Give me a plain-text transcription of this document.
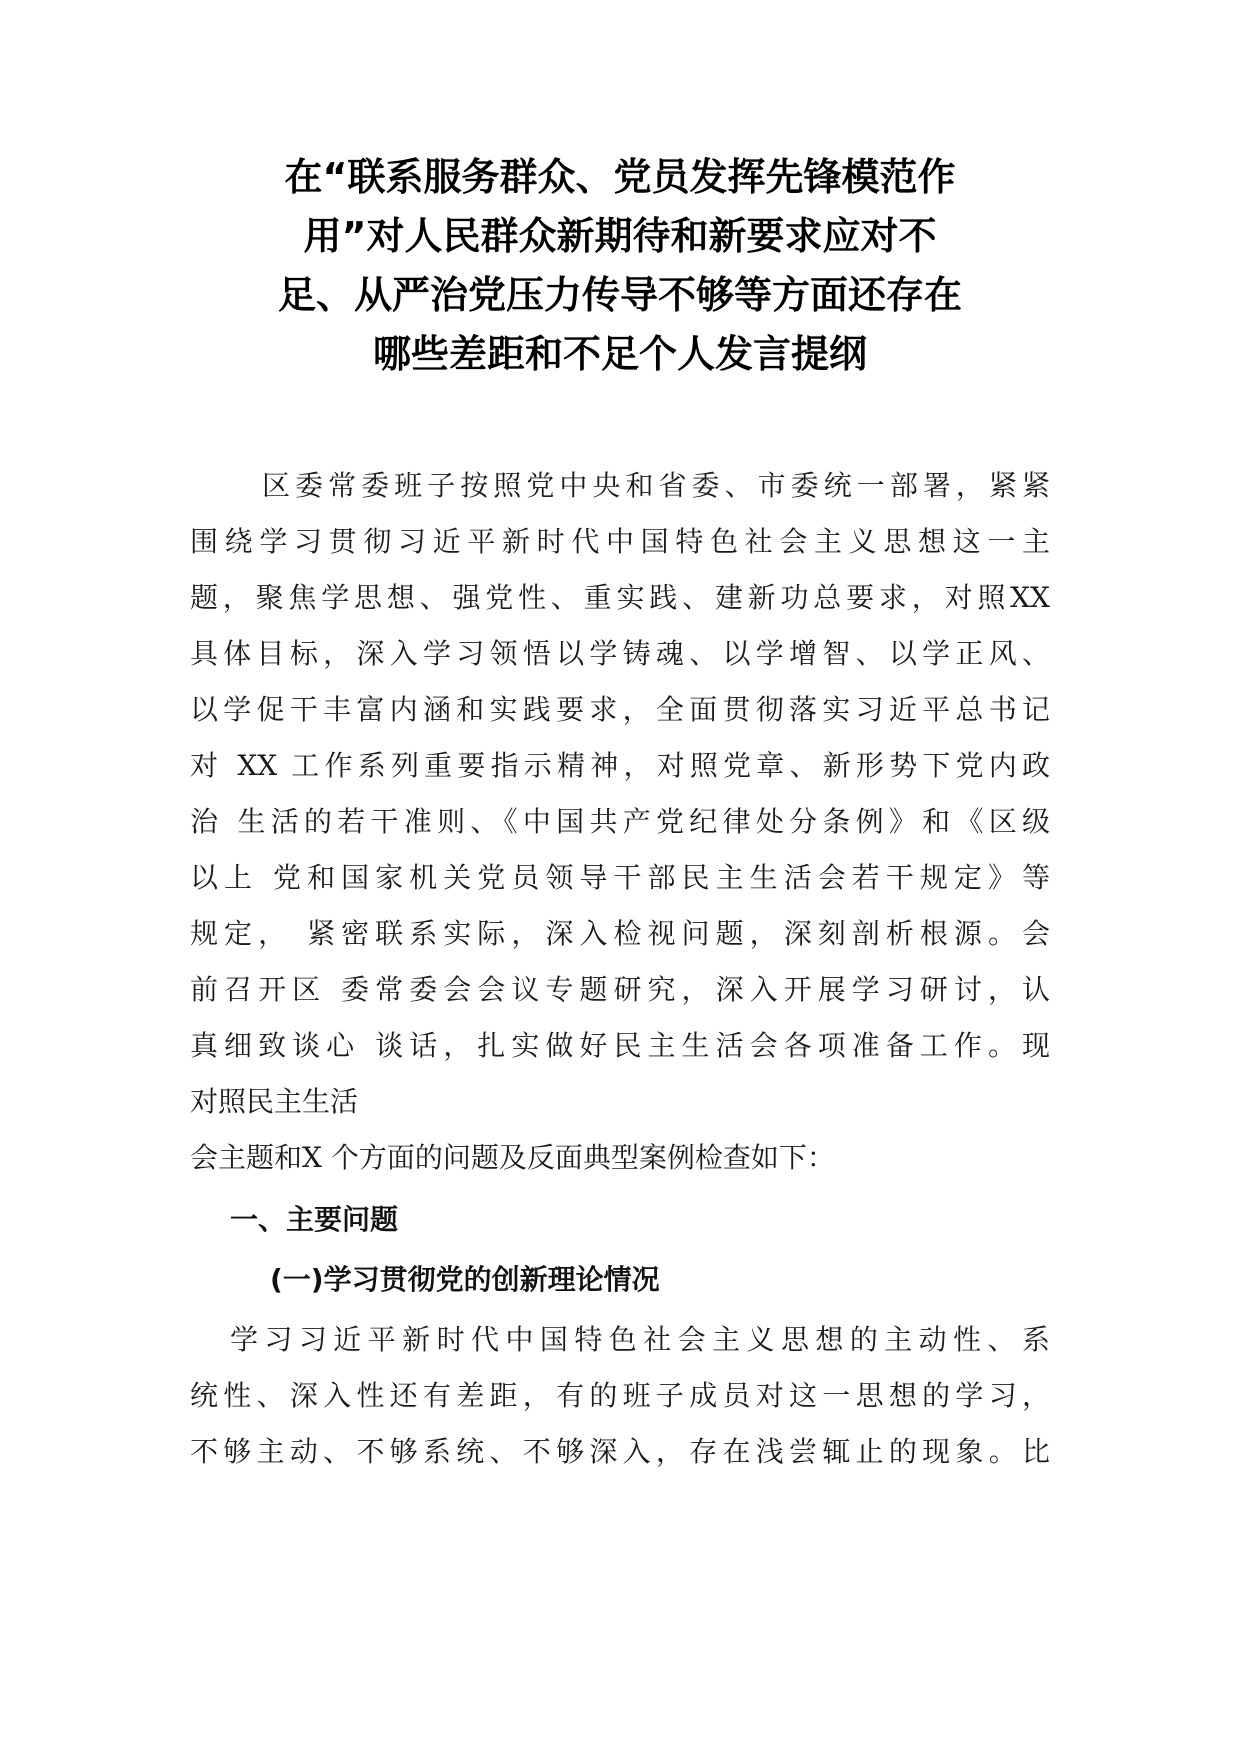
在“联系服务群众、党员发挥先锋模范作
用”对人民群众新期待和新要求应对不
足、从严治党压力传导不够等方面还存在
哪些差距和不足个人发言提纲
区委常委班子按照党中央和省委、市委统一部署，紧紧
围绕学习贯彻习近平新时代中国特色社会主义思想这一主
题，聚焦学思想、强党性、重实践、建新功总要求，对照XX
具体目标，深入学习领悟以学铸魂、以学增智、以学正风、
以学促干丰富内涵和实践要求，全面贯彻落实习近平总书记
对 XX 工作系列重要指示精神，对照党章、新形势下党内政
治 生活的若干准则、《中国共产党纪律处分条例》和《区级
以上 党和国家机关党员领导干部民主生活会若干规定》等
规定， 紧密联系实际，深入检视问题，深刻剖析根源。会
前召开区 委常委会会议专题研究，深入开展学习研讨，认
真细致谈心 谈话，扎实做好民主生活会各项准备工作。现
对照民主生活
会主题和X 个方面的问题及反面典型案例检查如下：
一、主要问题
(一)学习贯彻党的创新理论情况
学习习近平新时代中国特色社会主义思想的主动性、系
统性、深入性还有差距，有的班子成员对这一思想的学习，
不够主动、不够系统、不够深入，存在浅尝辄止的现象。比
